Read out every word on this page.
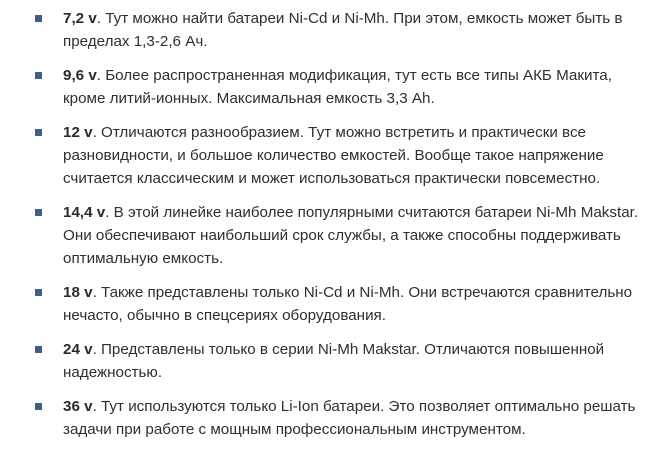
7,2 v. Тут можно найти батареи Ni-Cd и Ni-Mh. При этом, емкость может быть в пределах 1,3-2,6 Ач.
9,6 v. Более распространенная модификация, тут есть все типы АКБ Макита, кроме литий-ионных. Максимальная емкость 3,3 Ah.
12 v. Отличаются разнообразием. Тут можно встретить и практически все разновидности, и большое количество емкостей. Вообще такое напряжение считается классическим и может использоваться практически повсеместно.
14,4 v. В этой линейке наиболее популярными считаются батареи Ni-Mh Makstar. Они обеспечивают наибольший срок службы, а также способны поддерживать оптимальную емкость.
18 v. Также представлены только Ni-Cd и Ni-Mh. Они встречаются сравнительно нечасто, обычно в спецсериях оборудования.
24 v. Представлены только в серии Ni-Mh Makstar. Отличаются повышенной надежностью.
36 v. Тут используются только Li-Ion батареи. Это позволяет оптимально решать задачи при работе с мощным профессиональным инструментом.
